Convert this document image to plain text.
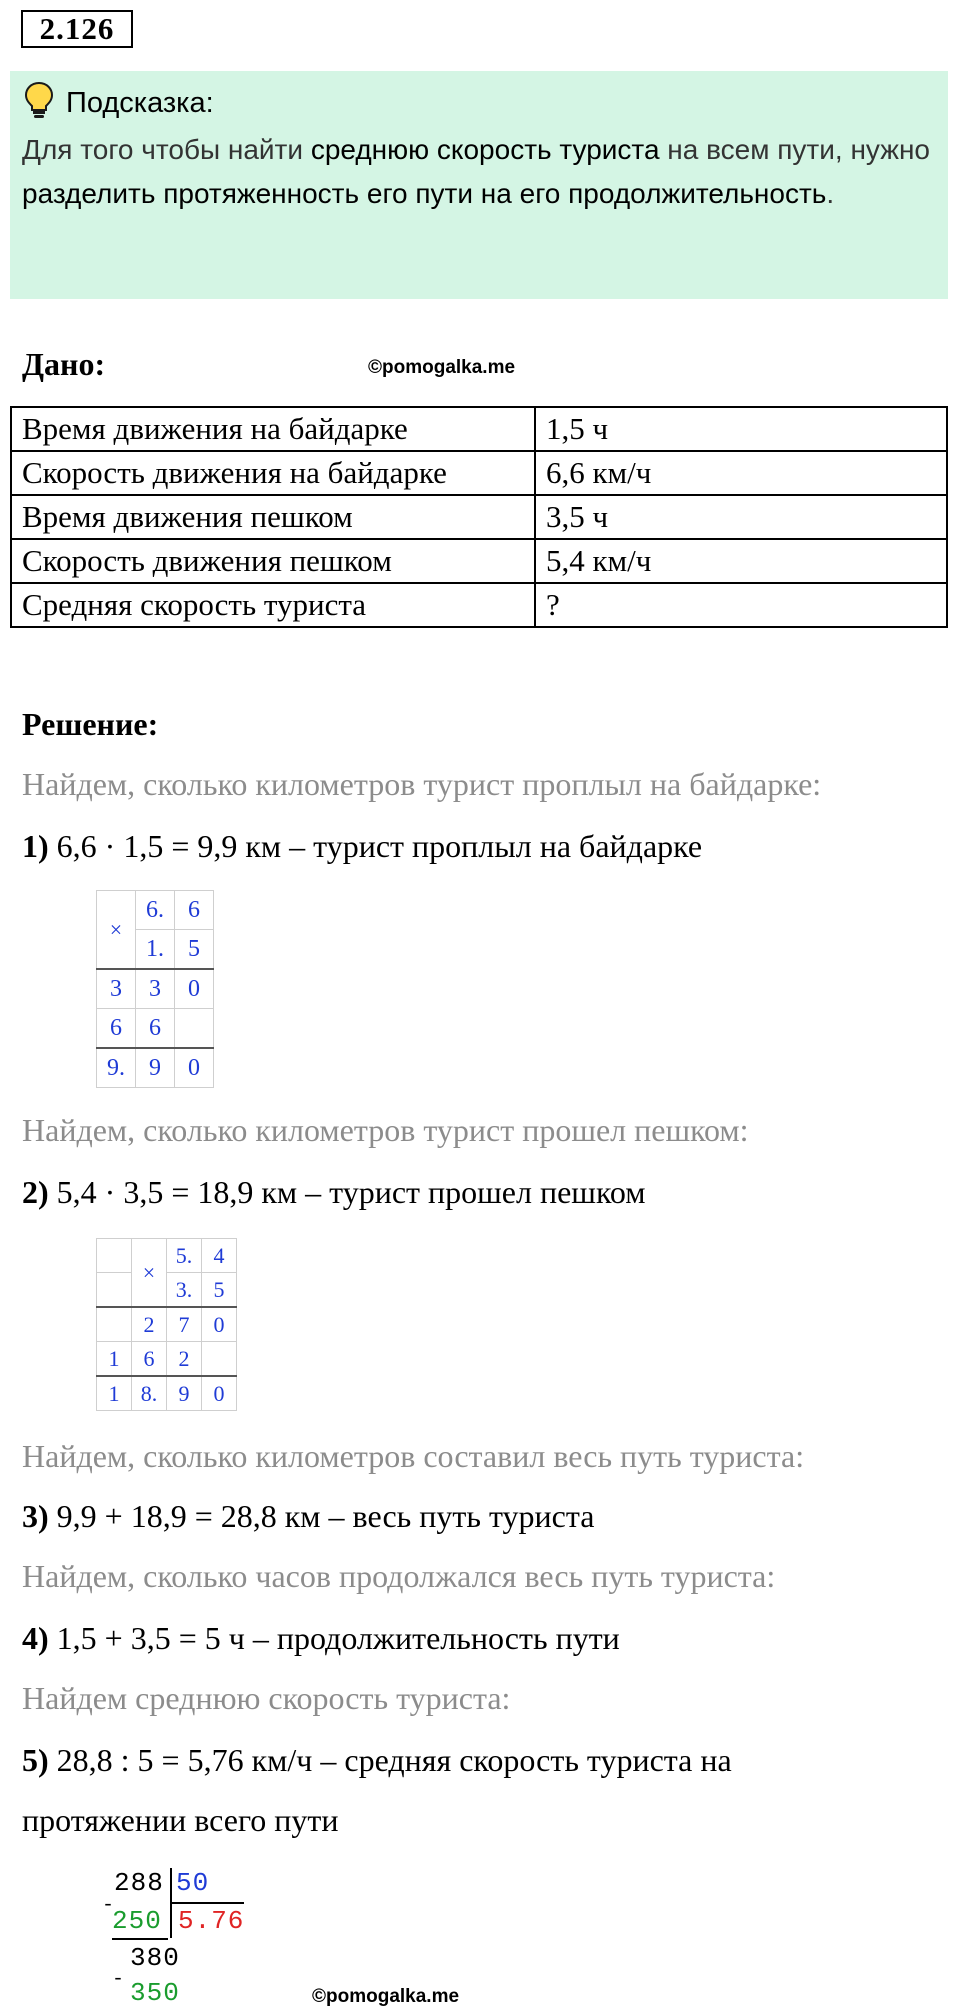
2.126
Подсказка:
Для того чтобы найти среднюю скорость туриста на всем пути, нужно разделить протяженность его пути на его продолжительность.
Дано:	©pomogalka.me
Время движения на байдарке	1,5 ч
Скорость движения на байдарке	6,6 км/ч
Время движения пешком	3,5 ч
Скорость движения пешком	5,4 км/ч
Средняя скорость туриста	?
Решение:
Найдем, сколько километров турист проплыл на байдарке:
1) 6,6 · 1,5 = 9,9 км – турист проплыл на байдарке
×	6.	6
	1.	5
3	3	0
6	6	
9.	9	0
Найдем, сколько километров турист прошел пешком:
2) 5,4 · 3,5 = 18,9 км – турист прошел пешком
	×	5.	4
		3.	5
	2	7	0
1	6	2	
1	8.	9	0
Найдем, сколько километров составил весь путь туриста:
3) 9,9 + 18,9 = 28,8 км – весь путь туриста
Найдем, сколько часов продолжался весь путь туриста:
4) 1,5 + 3,5 = 5 ч – продолжительность пути
Найдем среднюю скорость туриста:
5) 28,8 : 5 = 5,76 км/ч – средняя скорость туриста на
протяжении всего пути
288 50
-
250 5.76
380
- 350	©pomogalka.me
